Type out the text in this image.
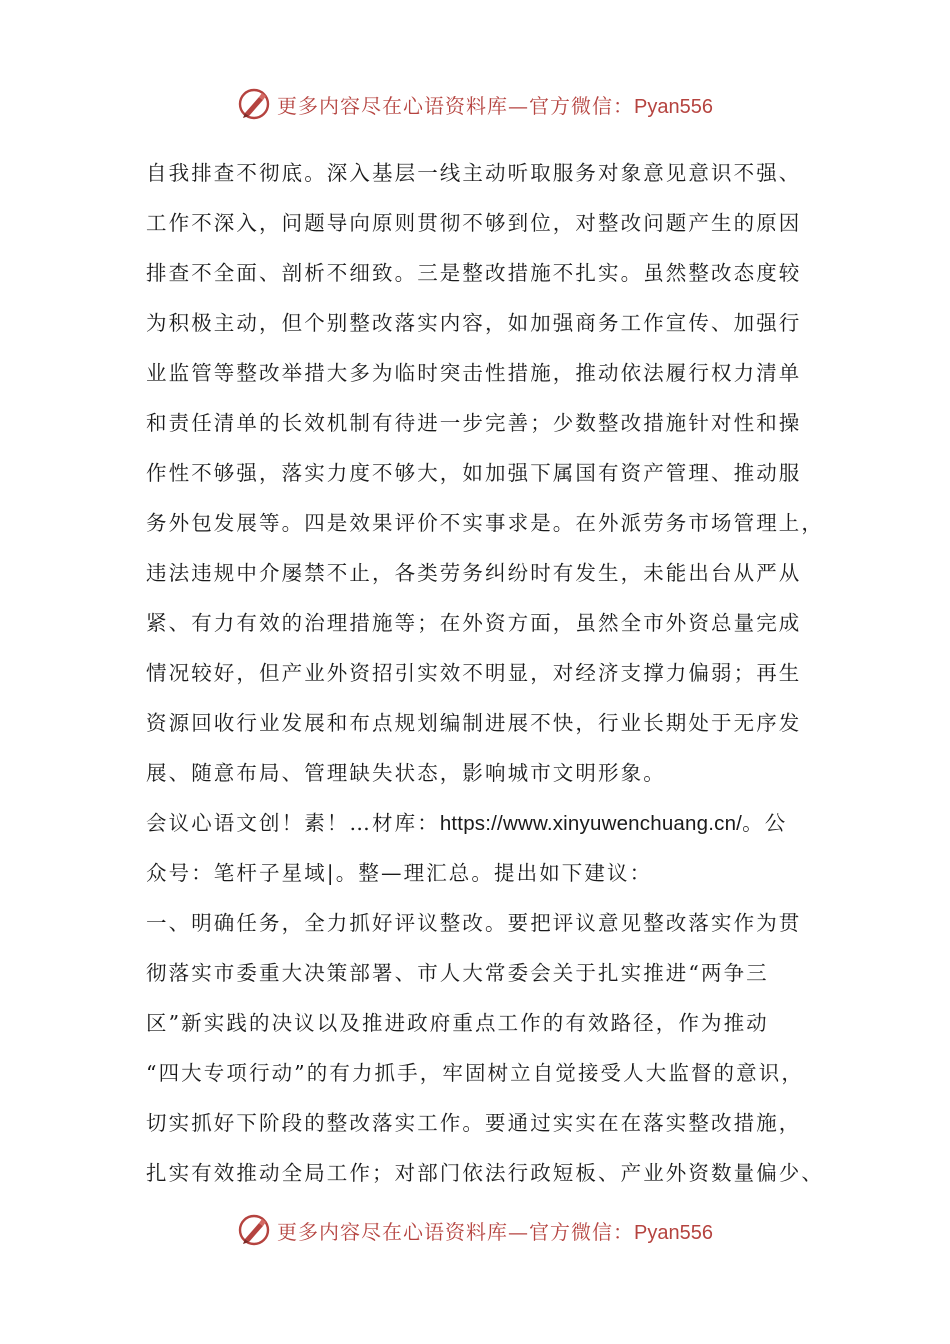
更多内容尽在心语资料库—官方微信：Pyan556
自我排查不彻底。深入基层一线主动听取服务对象意见意识不强、
工作不深入，问题导向原则贯彻不够到位，对整改问题产生的原因
排查不全面、剖析不细致。三是整改措施不扎实。虽然整改态度较
为积极主动，但个别整改落实内容，如加强商务工作宣传、加强行
业监管等整改举措大多为临时突击性措施，推动依法履行权力清单
和责任清单的长效机制有待进一步完善；少数整改措施针对性和操
作性不够强，落实力度不够大，如加强下属国有资产管理、推动服
务外包发展等。四是效果评价不实事求是。在外派劳务市场管理上，
违法违规中介屡禁不止，各类劳务纠纷时有发生，未能出台从严从
紧、有力有效的治理措施等；在外资方面，虽然全市外资总量完成
情况较好，但产业外资招引实效不明显，对经济支撑力偏弱；再生
资源回收行业发展和布点规划编制进展不快，行业长期处于无序发
展、随意布局、管理缺失状态，影响城市文明形象。
会议心语文创！素！…材库：https://www.xinyuwenchuang.cn/。公
众号：笔杆子星域|。整—理汇总。提出如下建议：
一、明确任务，全力抓好评议整改。要把评议意见整改落实作为贯
彻落实市委重大决策部署、市人大常委会关于扎实推进“两争三
区”新实践的决议以及推进政府重点工作的有效路径，作为推动
“四大专项行动”的有力抓手，牢固树立自觉接受人大监督的意识，
切实抓好下阶段的整改落实工作。要通过实实在在落实整改措施，
扎实有效推动全局工作；对部门依法行政短板、产业外资数量偏少、
更多内容尽在心语资料库—官方微信：Pyan556
